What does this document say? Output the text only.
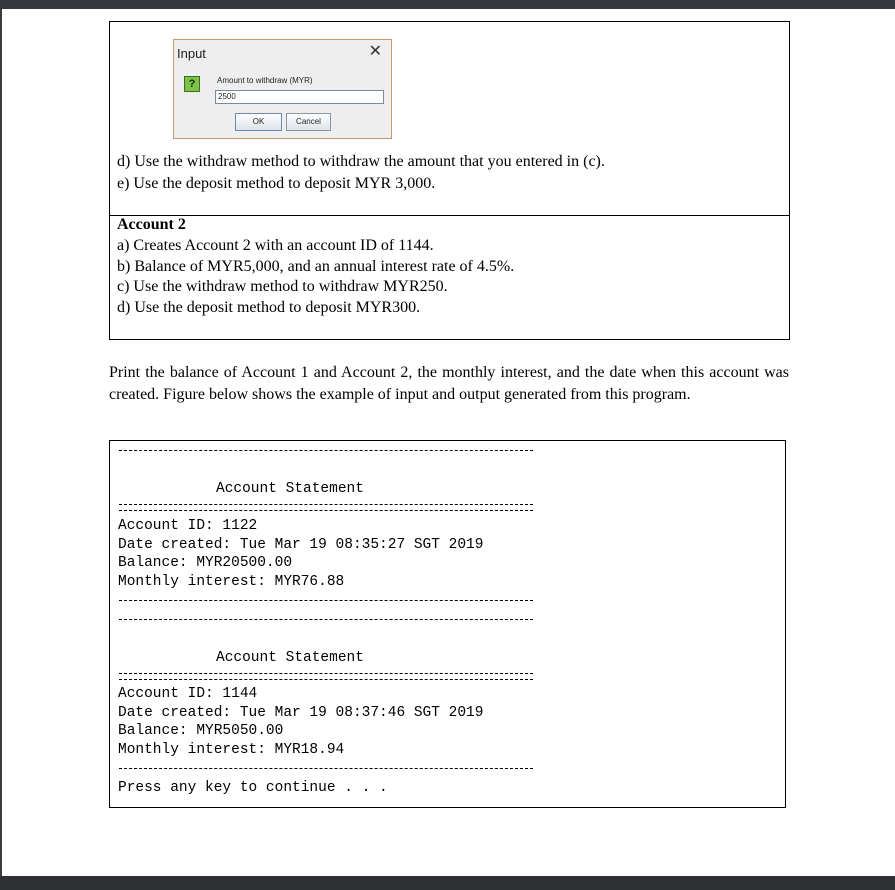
Input	✕
?	Amount to withdraw (MYR)
2500
OK	Cancel
d) Use the withdraw method to withdraw the amount that you entered in (c).
e) Use the deposit method to deposit MYR 3,000.
Account 2
a) Creates Account 2 with an account ID of 1144.
b) Balance of MYR5,000, and an annual interest rate of 4.5%.
c) Use the withdraw method to withdraw MYR250.
d) Use the deposit method to deposit MYR300.
Print the balance of Account 1 and Account 2, the monthly interest, and the date when this account was created. Figure below shows the example of input and output generated from this program.
Account Statement
Account ID: 1122
Date created: Tue Mar 19 08:35:27 SGT 2019
Balance: MYR20500.00
Monthly interest: MYR76.88
Account Statement
Account ID: 1144
Date created: Tue Mar 19 08:37:46 SGT 2019
Balance: MYR5050.00
Monthly interest: MYR18.94
Press any key to continue . . .
